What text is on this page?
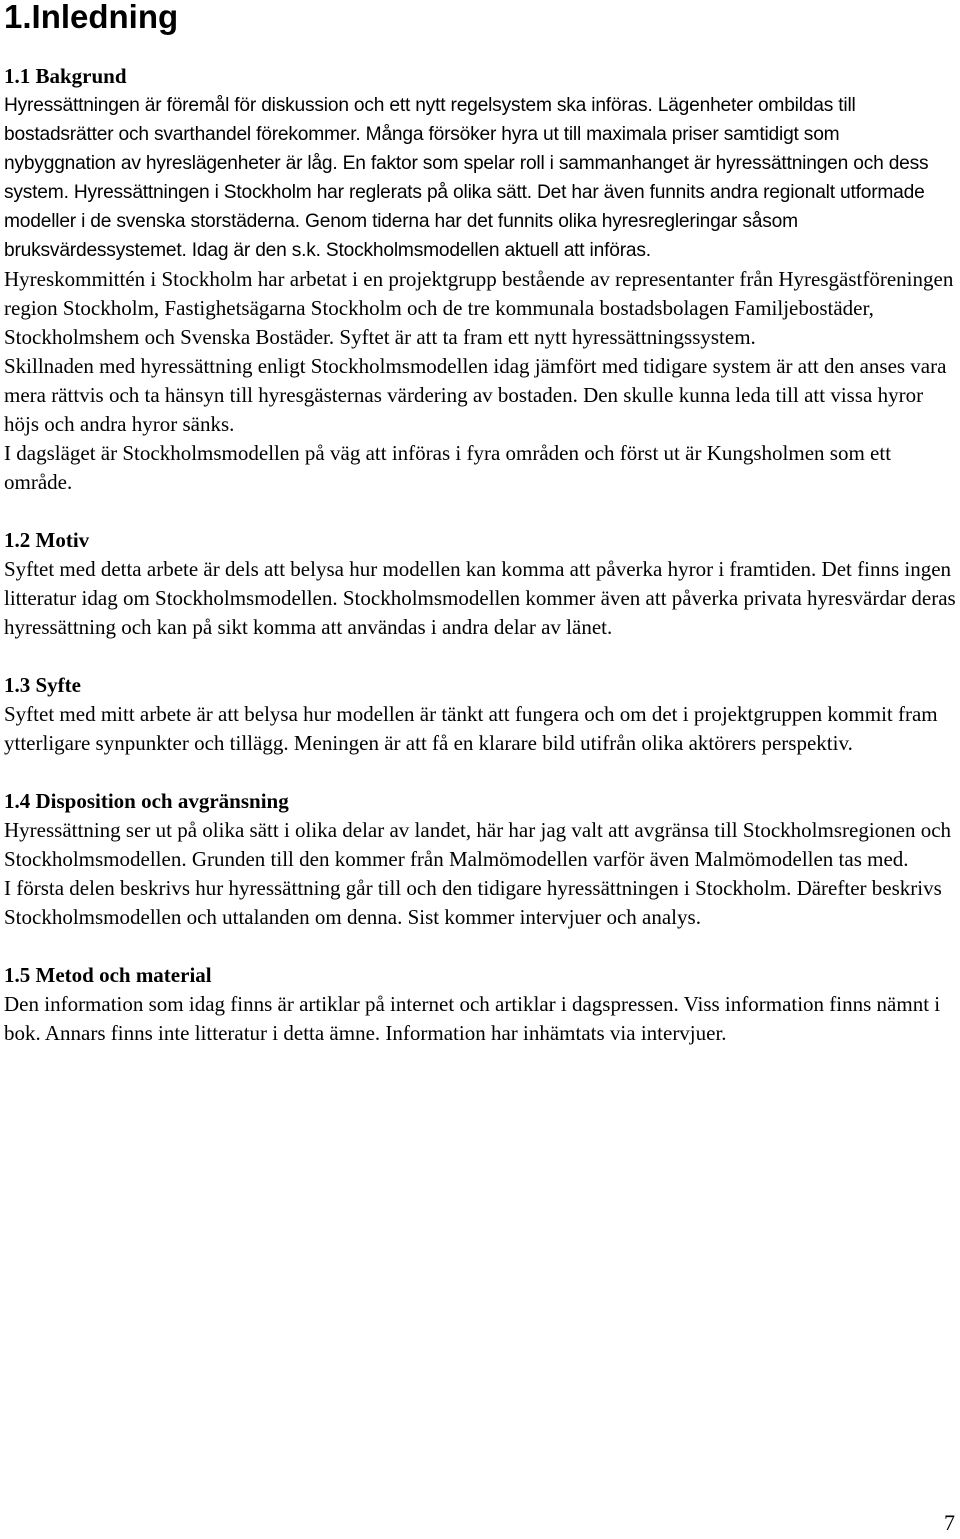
1.Inledning
1.1 Bakgrund

Hyressättningen är föremål för diskussion och ett nytt regelsystem ska införas. Lägenheter ombildas till bostadsrätter och svarthandel förekommer. Många försöker hyra ut till maximala priser samtidigt som nybyggnation av hyreslägenheter är låg. En faktor som spelar roll i sammanhanget är hyressättningen och dess system. Hyressättningen i Stockholm har reglerats på olika sätt. Det har även funnits andra regionalt utformade modeller i de svenska storstäderna. Genom tiderna har det funnits olika hyresregleringar såsom bruksvärdessystemet. Idag är den s.k. Stockholmsmodellen aktuell att införas.

Hyreskommittén i Stockholm har arbetat i en projektgrupp bestående av representanter från Hyresgästföreningen region Stockholm, Fastighetsägarna Stockholm och de tre kommunala bostadsbolagen Familjebostäder, Stockholmshem och Svenska Bostäder. Syftet är att ta fram ett nytt hyressättningssystem.

Skillnaden med hyressättning enligt Stockholmsmodellen idag jämfört med tidigare system är att den anses vara mera rättvis och ta hänsyn till hyresgästernas värdering av bostaden. Den skulle kunna leda till att vissa hyror höjs och andra hyror sänks.

I dagsläget är Stockholmsmodellen på väg att införas i fyra områden och först ut är Kungsholmen som ett område.

1.2 Motiv

Syftet med detta arbete är dels att belysa hur modellen kan komma att påverka hyror i framtiden. Det finns ingen litteratur idag om Stockholmsmodellen. Stockholmsmodellen kommer även att påverka privata hyresvärdar deras hyressättning och kan på sikt komma att användas i andra delar av länet.

1.3 Syfte

Syftet med mitt arbete är att belysa hur modellen är tänkt att fungera och om det i projektgruppen kommit fram ytterligare synpunkter och tillägg. Meningen är att få en klarare bild utifrån olika aktörers perspektiv.

1.4 Disposition och avgränsning

Hyressättning ser ut på olika sätt i olika delar av landet, här har jag valt att avgränsa till Stockholmsregionen och Stockholmsmodellen. Grunden till den kommer från Malmömodellen varför även Malmömodellen tas med.

I första delen beskrivs hur hyressättning går till och den tidigare hyressättningen i Stockholm. Därefter beskrivs Stockholmsmodellen och uttalanden om denna. Sist kommer intervjuer och analys.

1.5 Metod och material

Den information som idag finns är artiklar på internet och artiklar i dagspressen. Viss information finns nämnt i bok. Annars finns inte litteratur i detta ämne. Information har inhämtats via intervjuer.

7
